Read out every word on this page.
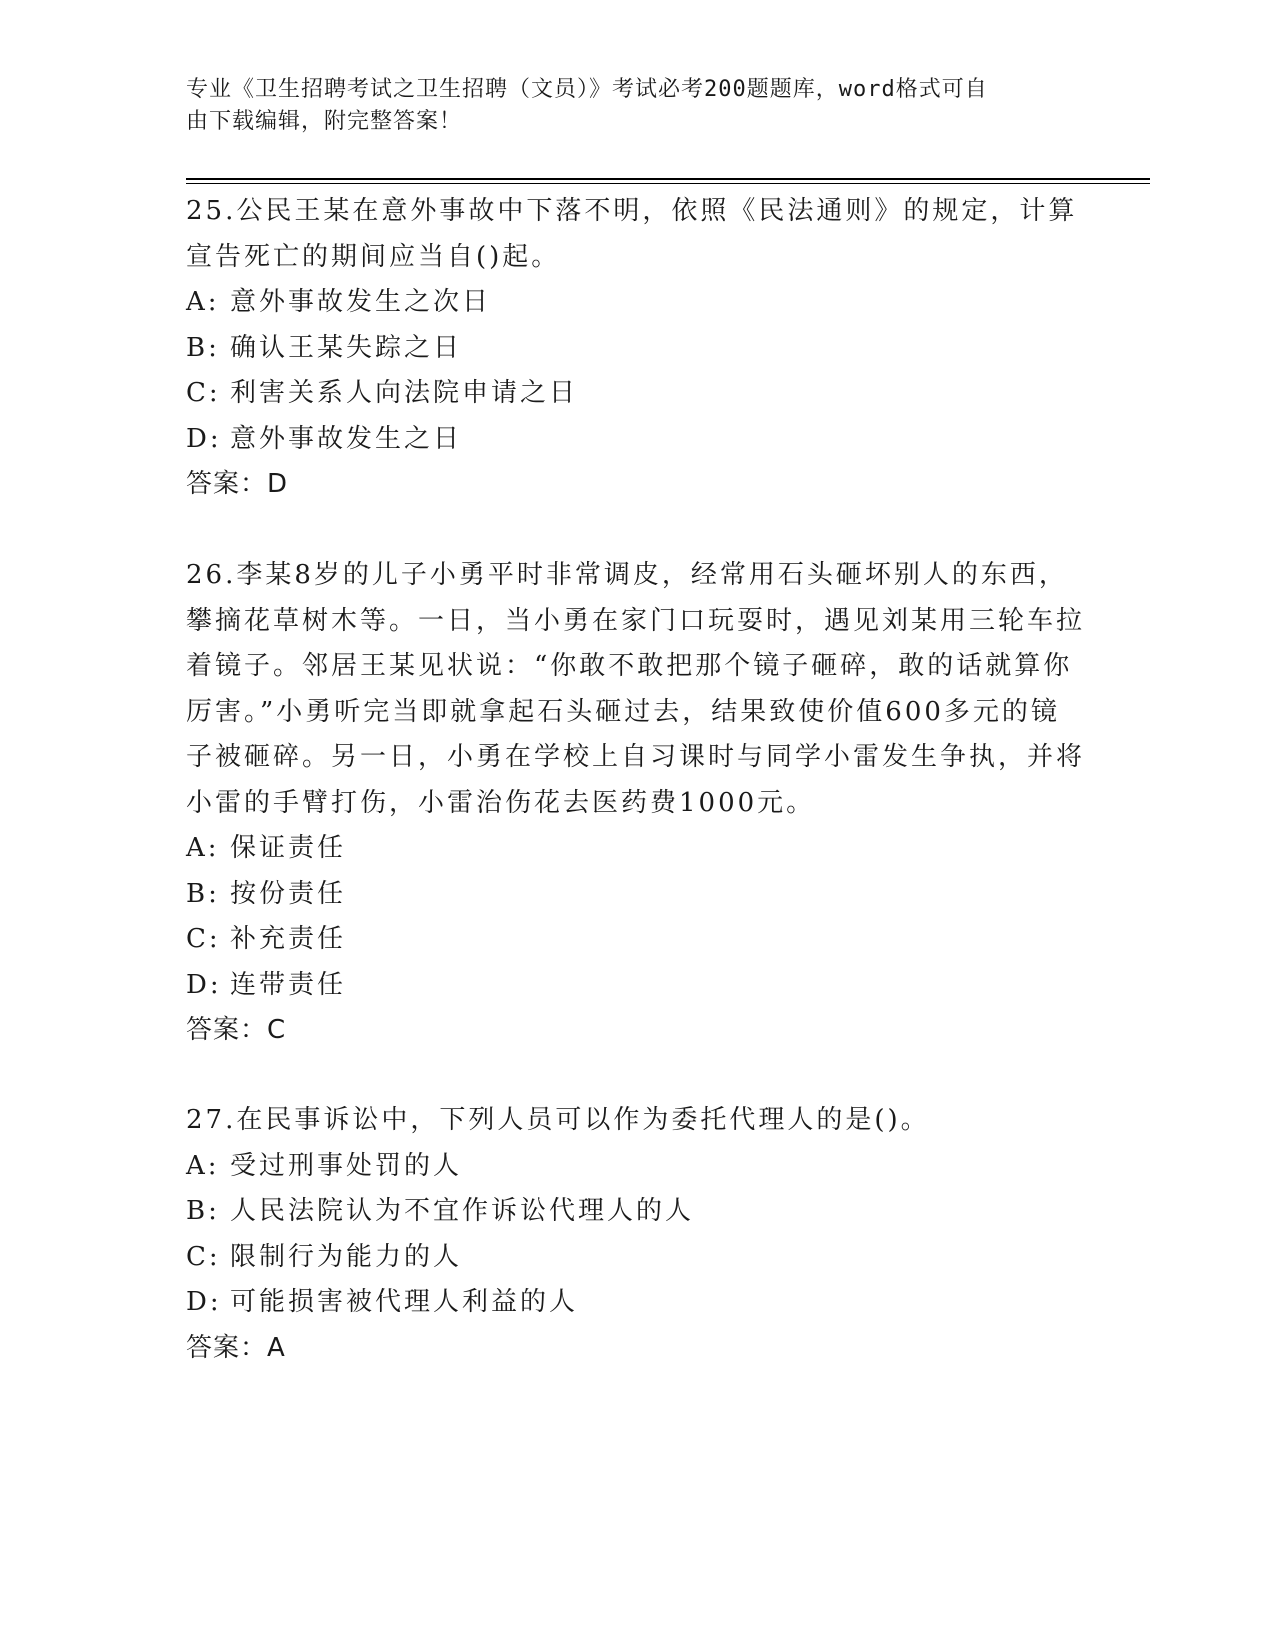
专业《卫生招聘考试之卫生招聘（文员）》考试必考200题题库，word格式可自
由下载编辑，附完整答案！

25.公民王某在意外事故中下落不明，依照《民法通则》的规定，计算宣告死亡的期间应当自()起。

A: 意外事故发生之次日

B: 确认王某失踪之日

C: 利害关系人向法院申请之日

D: 意外事故发生之日

答案：D

26.李某8岁的儿子小勇平时非常调皮，经常用石头砸坏别人的东西，攀摘花草树木等。一日，当小勇在家门口玩耍时，遇见刘某用三轮车拉着镜子。邻居王某见状说：“你敢不敢把那个镜子砸碎，敢的话就算你厉害。”小勇听完当即就拿起石头砸过去，结果致使价值600多元的镜子被砸碎。另一日，小勇在学校上自习课时与同学小雷发生争执，并将小雷的手臂打伤，小雷治伤花去医药费1000元。

A: 保证责任

B: 按份责任

C: 补充责任

D: 连带责任

答案：C

27.在民事诉讼中，下列人员可以作为委托代理人的是()。

A: 受过刑事处罚的人

B: 人民法院认为不宜作诉讼代理人的人

C: 限制行为能力的人

D: 可能损害被代理人利益的人

答案：A
